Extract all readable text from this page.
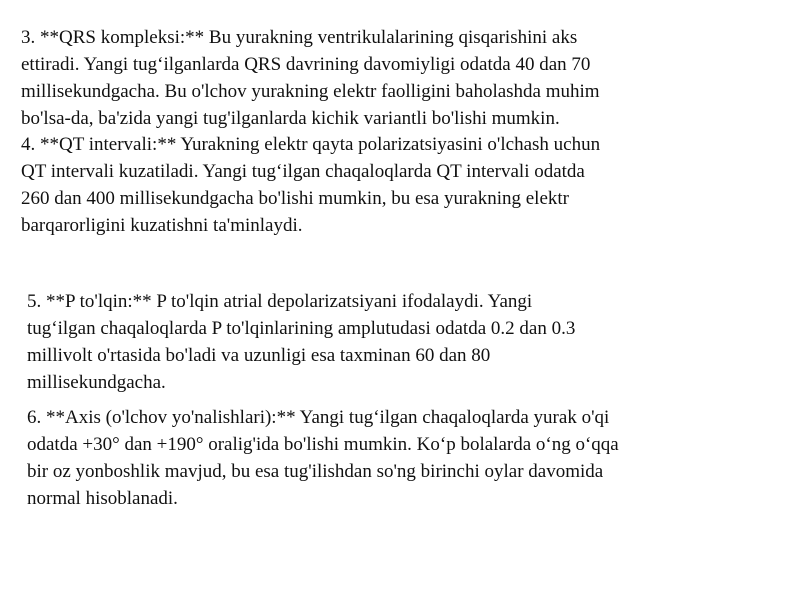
3. **QRS kompleksi:** Bu yurakning ventrikulalarining qisqarishini aks
ettiradi. Yangi tug‘ilganlarda QRS davrining davomiyligi odatda 40 dan 70
millisekundgacha. Bu o'lchov yurakning elektr faolligini baholashda muhim
bo'lsa-da, ba'zida yangi tug'ilganlarda kichik variantli bo'lishi mumkin.

4. **QT intervali:** Yurakning elektr qayta polarizatsiyasini o'lchash uchun
QT intervali kuzatiladi. Yangi tug‘ilgan chaqaloqlarda QT intervali odatda
260 dan 400 millisekundgacha bo'lishi mumkin, bu esa yurakning elektr
barqarorligini kuzatishni ta'minlaydi.

5. **P to'lqin:** P to'lqin atrial depolarizatsiyani ifodalaydi. Yangi
tug‘ilgan chaqaloqlarda P to'lqinlarining amplutudasi odatda 0.2 dan 0.3
millivolt o'rtasida bo'ladi va uzunligi esa taxminan 60 dan 80
millisekundgacha.

6. **Axis (o'lchov yo'nalishlari):** Yangi tug‘ilgan chaqaloqlarda yurak o'qi
odatda +30° dan +190° oralig'ida bo'lishi mumkin. Ko‘p bolalarda o‘ng o‘qqa
bir oz yonboshlik mavjud, bu esa tug'ilishdan so'ng birinchi oylar davomida
normal hisoblanadi.
